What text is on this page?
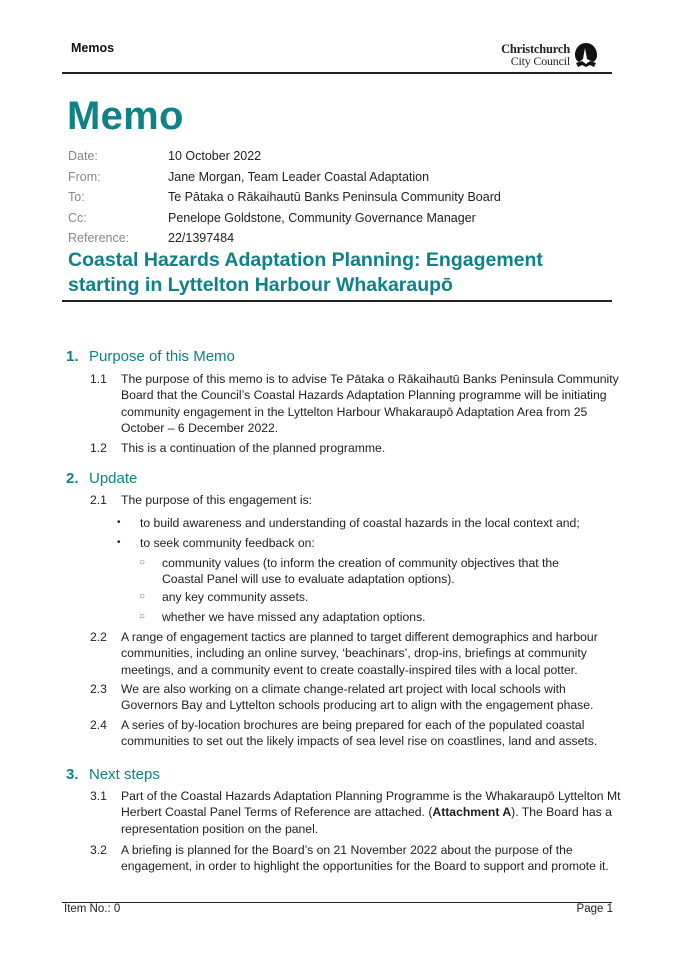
Memos	Christchurch
City Council
Memo
Date:	10 October 2022
From:	Jane Morgan, Team Leader Coastal Adaptation
To:	Te Pātaka o Rākaihautū Banks Peninsula Community Board
Cc:	Penelope Goldstone, Community Governance Manager
Reference:	22/1397484
Coastal Hazards Adaptation Planning: Engagement starting in Lyttelton Harbour Whakaraupō
1. Purpose of this Memo
1.1	The purpose of this memo is to advise Te Pātaka o Rākaihautū Banks Peninsula Community Board that the Council’s Coastal Hazards Adaptation Planning programme will be initiating community engagement in the Lyttelton Harbour Whakaraupō Adaptation Area from 25 October – 6 December 2022.
1.2	This is a continuation of the planned programme.
2. Update
2.1	The purpose of this engagement is:
•	to build awareness and understanding of coastal hazards in the local context and;
•	to seek community feedback on:
○	community values (to inform the creation of community objectives that the Coastal Panel will use to evaluate adaptation options).
○	any key community assets.
○	whether we have missed any adaptation options.
2.2	A range of engagement tactics are planned to target different demographics and harbour communities, including an online survey, ‘beachinars’, drop-ins, briefings at community meetings, and a community event to create coastally-inspired tiles with a local potter.
2.3	We are also working on a climate change-related art project with local schools with Governors Bay and Lyttelton schools producing art to align with the engagement phase.
2.4	A series of by-location brochures are being prepared for each of the populated coastal communities to set out the likely impacts of sea level rise on coastlines, land and assets.
3. Next steps
3.1	Part of the Coastal Hazards Adaptation Planning Programme is the Whakaraupō Lyttelton Mt Herbert Coastal Panel Terms of Reference are attached. (Attachment A). The Board has a representation position on the panel.
3.2	A briefing is planned for the Board’s on 21 November 2022 about the purpose of the engagement, in order to highlight the opportunities for the Board to support and promote it.
Item No.: 0	Page 1
